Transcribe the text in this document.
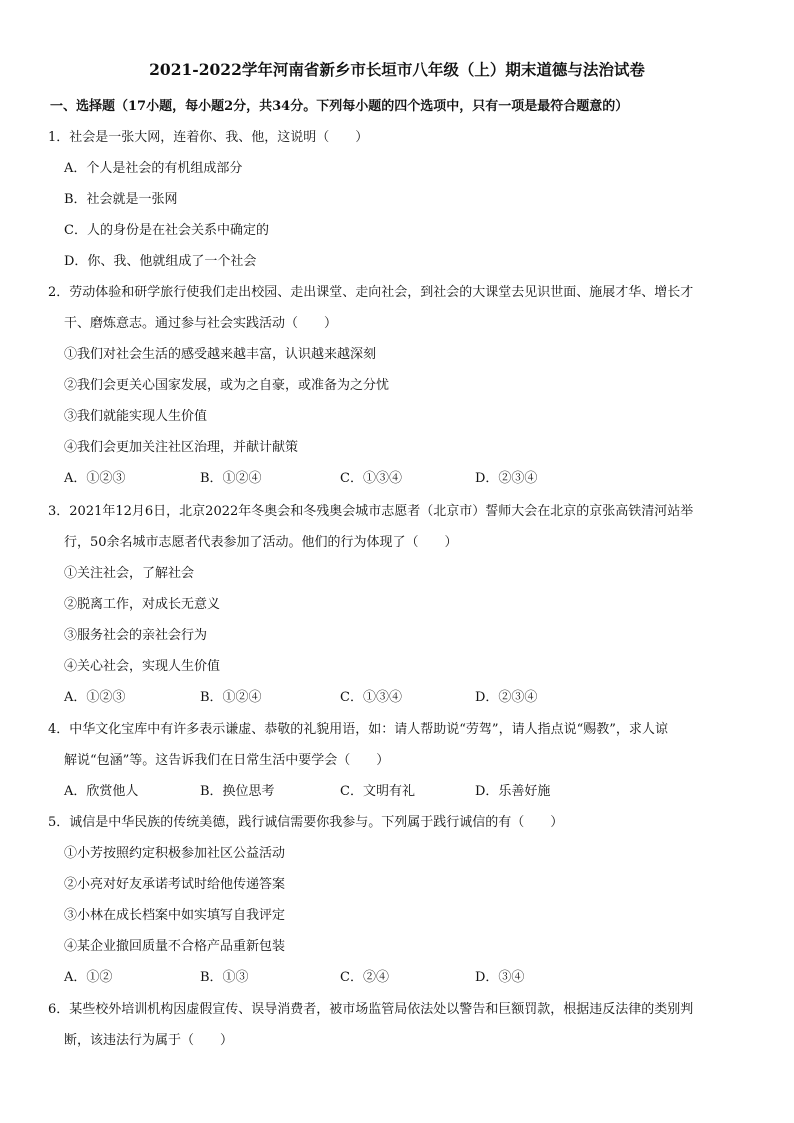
2021-2022学年河南省新乡市长垣市八年级（上）期末道德与法治试卷
一、选择题（17小题，每小题2分，共34分。下列每小题的四个选项中，只有一项是最符合题意的）
1．社会是一张大网，连着你、我、他，这说明（　　）
A．个人是社会的有机组成部分
B．社会就是一张网
C．人的身份是在社会关系中确定的
D．你、我、他就组成了一个社会
2．劳动体验和研学旅行使我们走出校园、走出课堂、走向社会，到社会的大课堂去见识世面、施展才华、增长才
干、磨炼意志。通过参与社会实践活动（　　）
①我们对社会生活的感受越来越丰富，认识越来越深刻
②我们会更关心国家发展，或为之自豪，或准备为之分忧
③我们就能实现人生价值
④我们会更加关注社区治理，并献计献策
A．①②③	B．①②④	C．①③④	D．②③④
3．2021年12月6日，北京2022年冬奥会和冬残奥会城市志愿者（北京市）誓师大会在北京的京张高铁清河站举
行，50余名城市志愿者代表参加了活动。他们的行为体现了（　　）
①关注社会，了解社会
②脱离工作，对成长无意义
③服务社会的亲社会行为
④关心社会，实现人生价值
A．①②③	B．①②④	C．①③④	D．②③④
4．中华文化宝库中有许多表示谦虚、恭敬的礼貌用语，如：请人帮助说“劳驾”，请人指点说“赐教”，求人谅
解说“包涵”等。这告诉我们在日常生活中要学会（　　）
A．欣赏他人	B．换位思考	C．文明有礼	D．乐善好施
5．诚信是中华民族的传统美德，践行诚信需要你我参与。下列属于践行诚信的有（　　）
①小芳按照约定积极参加社区公益活动
②小亮对好友承诺考试时给他传递答案
③小林在成长档案中如实填写自我评定
④某企业撤回质量不合格产品重新包装
A．①②	B．①③	C．②④	D．③④
6．某些校外培训机构因虚假宣传、误导消费者，被市场监管局依法处以警告和巨额罚款，根据违反法律的类别判
断，该违法行为属于（　　）
